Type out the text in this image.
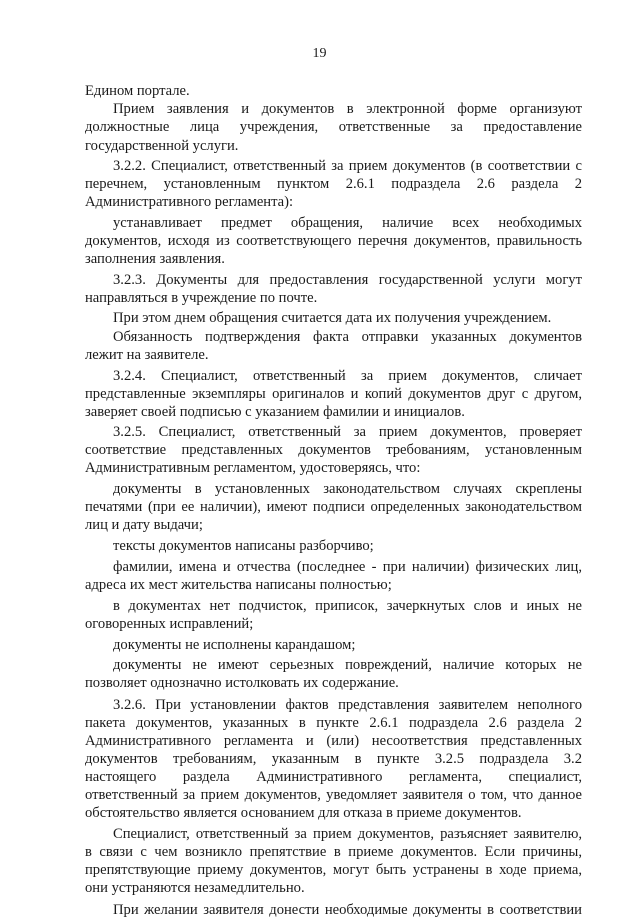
19
Едином портале.
Прием заявления и документов в электронной форме организуют
должностные лица учреждения, ответственные за предоставление
государственной услуги.
3.2.2. Специалист, ответственный за прием документов (в соответствии с
перечнем, установленным пунктом 2.6.1 подраздела 2.6 раздела 2
Административного регламента):
устанавливает предмет обращения, наличие всех необходимых
документов, исходя из соответствующего перечня документов, правильность
заполнения заявления.
3.2.3. Документы для предоставления государственной услуги могут
направляться в учреждение по почте.
При этом днем обращения считается дата их получения учреждением.
Обязанность подтверждения факта отправки указанных документов
лежит на заявителе.
3.2.4. Специалист, ответственный за прием документов, сличает
представленные экземпляры оригиналов и копий документов друг с другом,
заверяет своей подписью с указанием фамилии и инициалов.
3.2.5. Специалист, ответственный за прием документов, проверяет
соответствие представленных документов требованиям, установленным
Административным регламентом, удостоверяясь, что:
документы в установленных законодательством случаях скреплены
печатями (при ее наличии), имеют подписи определенных законодательством
лиц и дату выдачи;
тексты документов написаны разборчиво;
фамилии, имена и отчества (последнее - при наличии) физических лиц,
адреса их мест жительства написаны полностью;
в документах нет подчисток, приписок, зачеркнутых слов и иных не
оговоренных исправлений;
документы не исполнены карандашом;
документы не имеют серьезных повреждений, наличие которых не
позволяет однозначно истолковать их содержание.
3.2.6. При установлении фактов представления заявителем неполного
пакета документов, указанных в пункте 2.6.1 подраздела 2.6 раздела 2
Административного регламента и (или) несоответствия представленных
документов требованиям, указанным в пункте 3.2.5 подраздела 3.2
настоящего раздела Административного регламента, специалист,
ответственный за прием документов, уведомляет заявителя о том, что данное
обстоятельство является основанием для отказа в приеме документов.
Специалист, ответственный за прием документов, разъясняет заявителю,
в связи с чем возникло препятствие в приеме документов. Если причины,
препятствующие приему документов, могут быть устранены в ходе приема,
они устраняются незамедлительно.
При желании заявителя донести необходимые документы в соответствии
